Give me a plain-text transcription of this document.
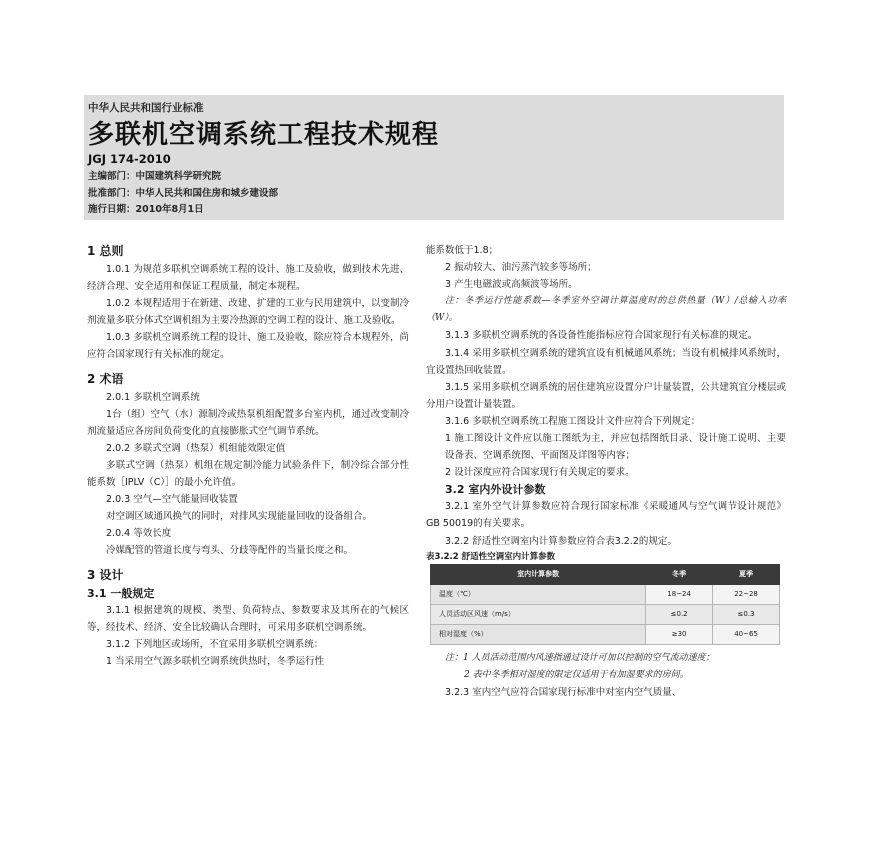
中华人民共和国行业标准
多联机空调系统工程技术规程
JGJ 174-2010
主编部门：中国建筑科学研究院
批准部门：中华人民共和国住房和城乡建设部
施行日期：2010年8月1日

1 总则

1.0.1 为规范多联机空调系统工程的设计、施工及验收，做到技术先进、经济合理、安全适用和保证工程质量，制定本规程。

1.0.2 本规程适用于在新建、改建、扩建的工业与民用建筑中，以变制冷剂流量多联分体式空调机组为主要冷热源的空调工程的设计、施工及验收。

1.0.3 多联机空调系统工程的设计、施工及验收，除应符合本规程外，尚应符合国家现行有关标准的规定。

2 术语

2.0.1 多联机空调系统

1台（组）空气（水）源制冷或热泵机组配置多台室内机，通过改变制冷剂流量适应各房间负荷变化的直接膨胀式空气调节系统。

2.0.2 多联式空调（热泵）机组能效限定值

多联式空调（热泵）机组在规定制冷能力试验条件下，制冷综合部分性能系数［IPLV（C）］的最小允许值。

2.0.3 空气—空气能量回收装置

对空调区域通风换气的同时，对排风实现能量回收的设备组合。

2.0.4 等效长度

冷媒配管的管道长度与弯头、分歧等配件的当量长度之和。

3 设计

3.1 一般规定

3.1.1 根据建筑的规模、类型、负荷特点、参数要求及其所在的气候区等，经技术、经济、安全比较确认合理时，可采用多联机空调系统。

3.1.2 下列地区或场所，不宜采用多联机空调系统：

1 当采用空气源多联机空调系统供热时，冬季运行性

能系数低于1.8；

2 振动较大、油污蒸汽较多等场所；

3 产生电磁波或高频波等场所。

注：冬季运行性能系数—冬季室外空调计算温度时的总供热量（W）/总输入功率（W）。

3.1.3 多联机空调系统的各设备性能指标应符合国家现行有关标准的规定。

3.1.4 采用多联机空调系统的建筑宜设有机械通风系统；当设有机械排风系统时，宜设置热回收装置。

3.1.5 采用多联机空调系统的居住建筑应设置分户计量装置，公共建筑宜分楼层或分用户设置计量装置。

3.1.6 多联机空调系统工程施工图设计文件应符合下列规定：

1 施工图设计文件应以施工图纸为主，并应包括图纸目录、设计施工说明、主要设备表、空调系统图、平面图及详图等内容；

2 设计深度应符合国家现行有关规定的要求。

3.2 室内外设计参数

3.2.1 室外空气计算参数应符合现行国家标准《采暖通风与空气调节设计规范》GB 50019的有关要求。

3.2.2 舒适性空调室内计算参数应符合表3.2.2的规定。

表3.2.2 舒适性空调室内计算参数

室内计算参数	冬季	夏季
温度（℃）	18~24	22~28
人员活动区风速（m/s）	≤0.2	≤0.3
相对湿度（%）	≥30	40~65

注：1 人员活动范围内风速指通过设计可加以控制的空气流动速度；

2 表中冬季相对湿度的限定仅适用于有加湿要求的房间。

3.2.3 室内空气应符合国家现行标准中对室内空气质量、
